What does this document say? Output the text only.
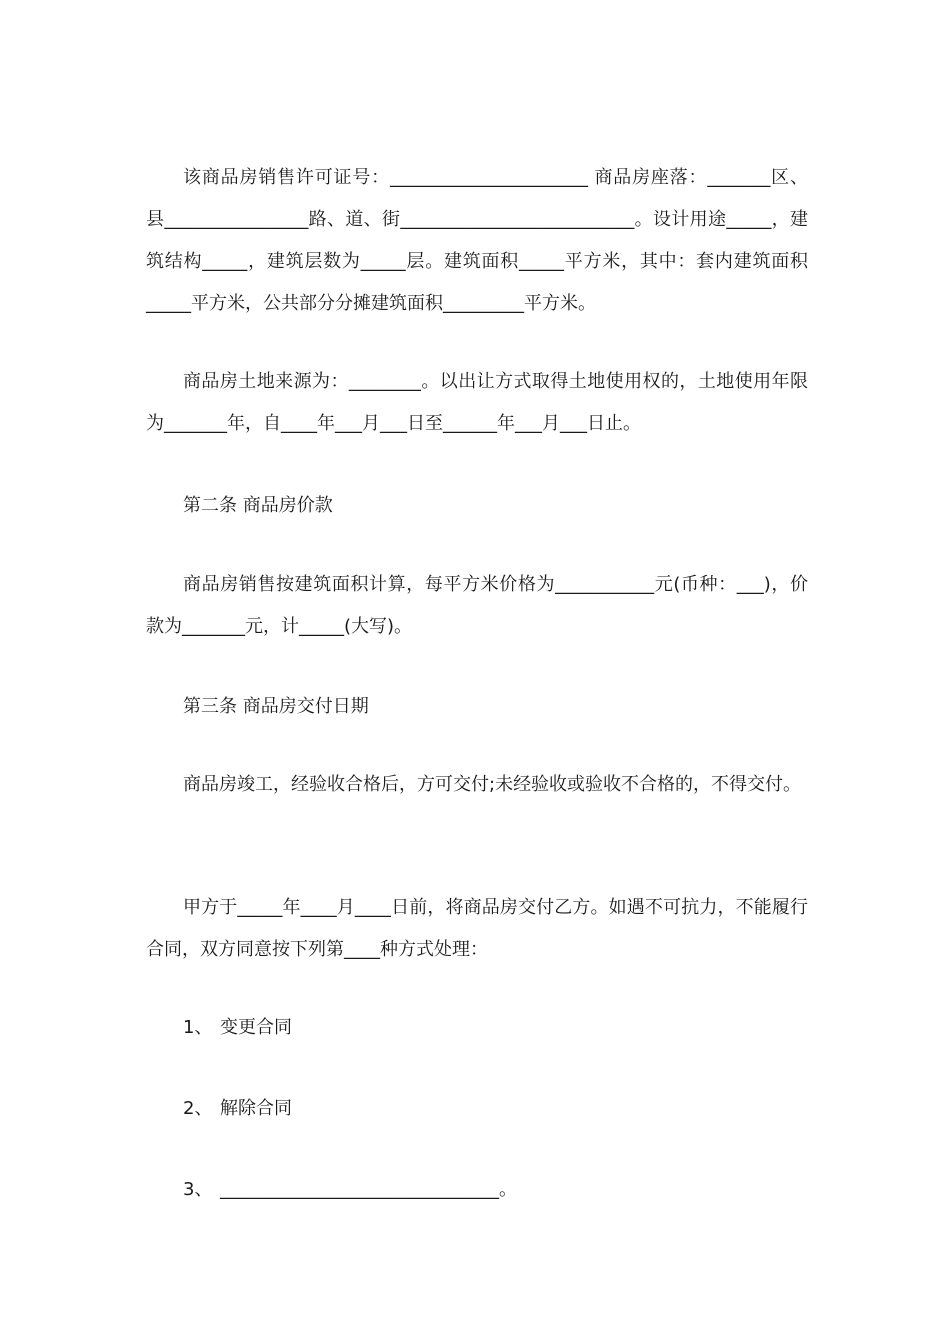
该商品房销售许可证号：______________________ 商品房座落：_______区、县________________路、道、街__________________________。设计用途_____，建筑结构_____，建筑层数为_____层。建筑面积_____平方米，其中：套内建筑面积_____平方米，公共部分分摊建筑面积_________平方米。

商品房土地来源为：________。以出让方式取得土地使用权的，土地使用年限为_______年，自____年___月___日至______年___月___日止。

第二条 商品房价款

商品房销售按建筑面积计算，每平方米价格为___________元(币种：___)，价款为_______元，计_____(大写)。

第三条 商品房交付日期

商品房竣工，经验收合格后，方可交付;未经验收或验收不合格的，不得交付。

甲方于_____年____月____日前，将商品房交付乙方。如遇不可抗力，不能履行合同，双方同意按下列第____种方式处理：

1、 变更合同

2、 解除合同

3、 _______________________________。
